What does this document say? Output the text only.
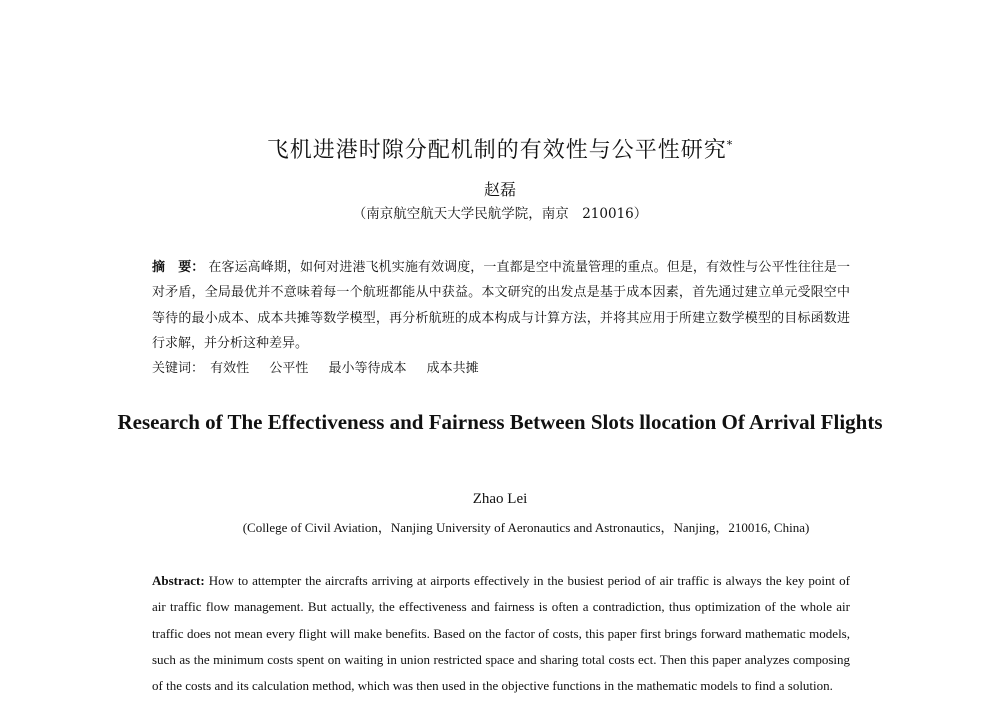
飞机进港时隙分配机制的有效性与公平性研究*
赵磊
（南京航空航天大学民航学院，南京　210016）
摘　要： 在客运高峰期，如何对进港飞机实施有效调度，一直都是空中流量管理的重点。但是，有效性与公平性往往是一对矛盾，全局最优并不意味着每一个航班都能从中获益。本文研究的出发点是基于成本因素，首先通过建立单元受限空中等待的最小成本、成本共摊等数学模型，再分析航班的成本构成与计算方法，并将其应用于所建立数学模型的目标函数进行求解，并分析这种差异。
关键词： 有效性 公平性 最小等待成本 成本共摊
Research of The Effectiveness and Fairness Between Slots llocation Of Arrival Flights
Zhao Lei
(College of Civil Aviation，Nanjing University of Aeronautics and Astronautics，Nanjing，210016, China)
Abstract: How to attempter the aircrafts arriving at airports effectively in the busiest period of air traffic is always the key point of air traffic flow management. But actually, the effectiveness and fairness is often a contradiction, thus optimization of the whole air traffic does not mean every flight will make benefits. Based on the factor of costs, this paper first brings forward mathematic models, such as the minimum costs spent on waiting in union restricted space and sharing total costs ect. Then this paper analyzes composing of the costs and its calculation method, which was then used in the objective functions in the mathematic models to find a solution.
